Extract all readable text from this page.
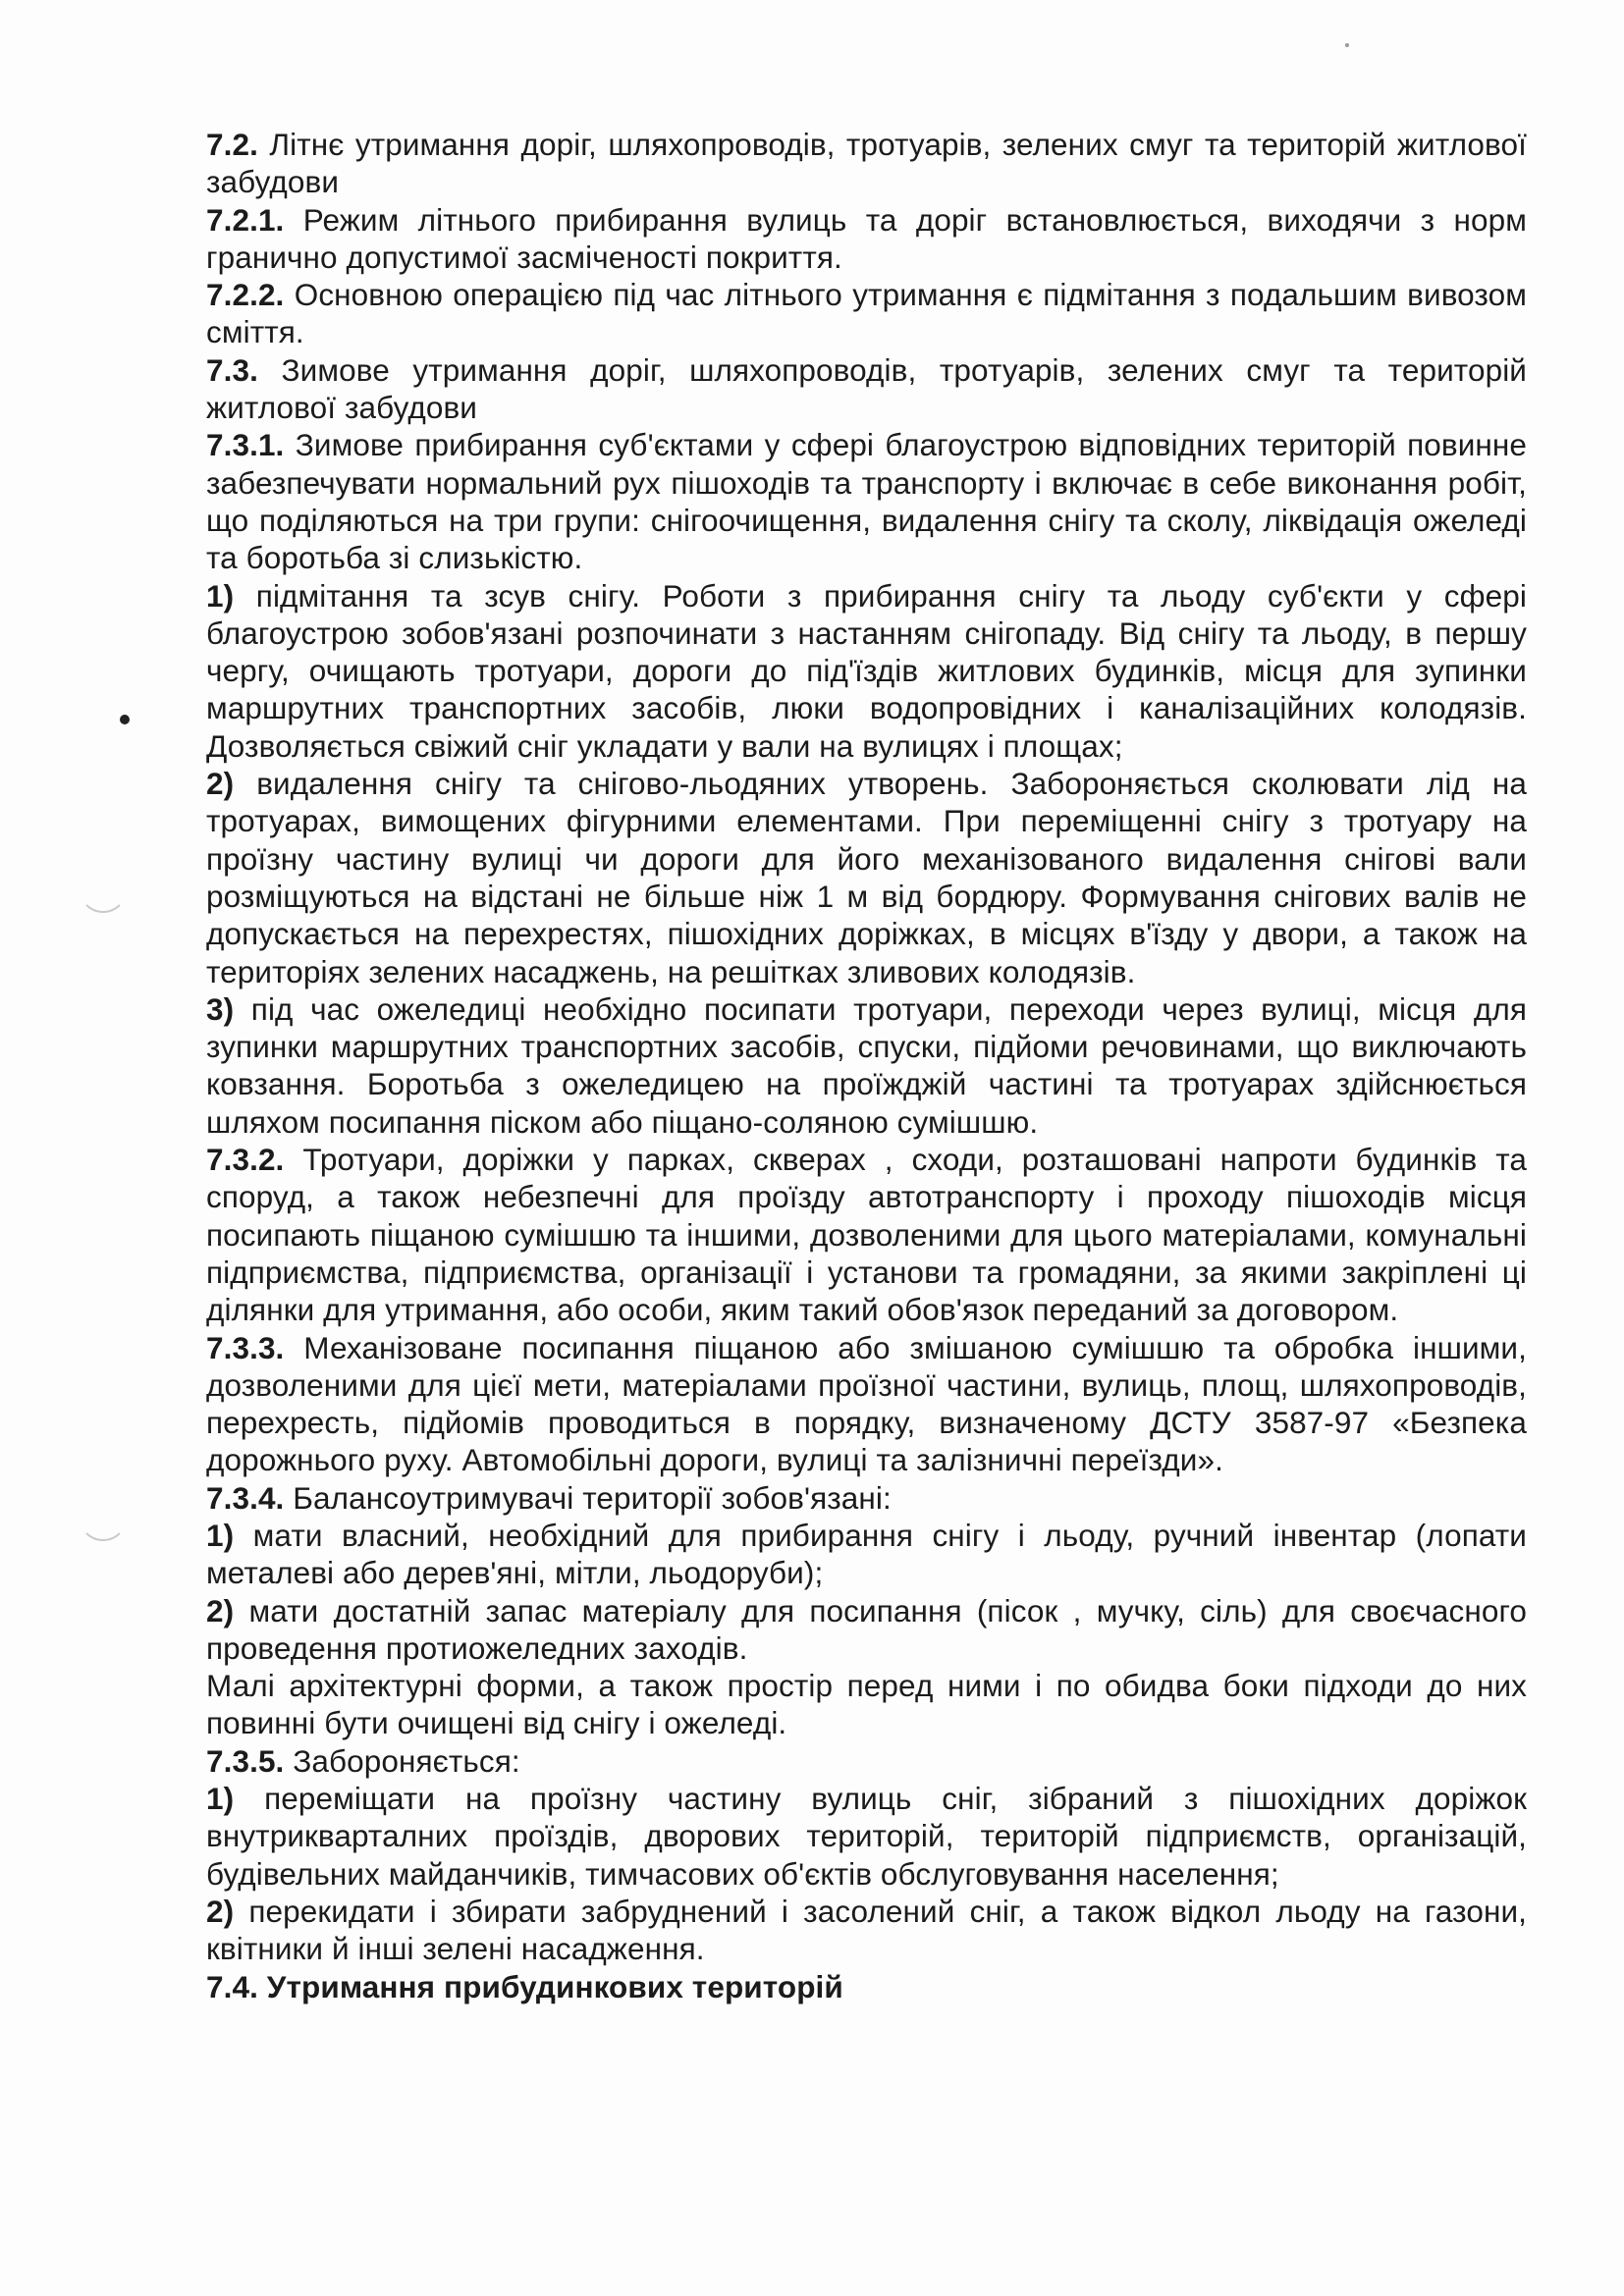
7.2. Літнє утримання доріг, шляхопроводів, тротуарів, зелених смуг та територій житлової забудови

7.2.1. Режим літнього прибирання вулиць та доріг встановлюється, виходячи з норм гранично допустимої засміченості покриття.

7.2.2. Основною операцією під час літнього утримання є підмітання з подальшим вивозом сміття.

7.3. Зимове утримання доріг, шляхопроводів, тротуарів, зелених смуг та територій житлової забудови

7.3.1. Зимове прибирання суб'єктами у сфері благоустрою відповідних територій повинне забезпечувати нормальний рух пішоходів та транспорту і включає в себе виконання робіт, що поділяються на три групи: снігоочищення, видалення снігу та сколу, ліквідація ожеледі та боротьба зі слизькістю.

1) підмітання та зсув снігу. Роботи з прибирання снігу та льоду суб'єкти у сфері благоустрою зобов'язані розпочинати з настанням снігопаду. Від снігу та льоду, в першу чергу, очищають тротуари, дороги до під'їздів житлових будинків, місця для зупинки маршрутних транспортних засобів, люки водопровідних і каналізаційних колодязів. Дозволяється свіжий сніг укладати у вали на вулицях і площах;

2) видалення снігу та снігово-льодяних утворень. Забороняється сколювати лід на тротуарах, вимощених фігурними елементами. При переміщенні снігу з тротуару на проїзну частину вулиці чи дороги для його механізованого видалення снігові вали розміщуються на відстані не більше ніж 1 м від бордюру. Формування снігових валів не допускається на перехрестях, пішохідних доріжках, в місцях в'їзду у двори, а також на територіях зелених насаджень, на решітках зливових колодязів.

3) під час ожеледиці необхідно посипати тротуари, переходи через вулиці, місця для зупинки маршрутних транспортних засобів, спуски, підйоми речовинами, що виключають ковзання. Боротьба з ожеледицею на проїжджій частині та тротуарах здійснюється шляхом посипання піском або піщано-соляною сумішшю.

7.3.2. Тротуари, доріжки у парках, скверах , сходи, розташовані напроти будинків та споруд, а також небезпечні для проїзду автотранспорту і проходу пішоходів місця посипають піщаною сумішшю та іншими, дозволеними для цього матеріалами, комунальні підприємства, підприємства, організації і установи та громадяни, за якими закріплені ці ділянки для утримання, або особи, яким такий обов'язок переданий за договором.

7.3.3. Механізоване посипання піщаною або змішаною сумішшю та обробка іншими, дозволеними для цієї мети, матеріалами проїзної частини, вулиць, площ, шляхопроводів, перехресть, підйомів проводиться в порядку, визначеному ДСТУ 3587-97 «Безпека дорожнього руху. Автомобільні дороги, вулиці та залізничні переїзди».

7.3.4. Балансоутримувачі території зобов'язані:

1) мати власний, необхідний для прибирання снігу і льоду, ручний інвентар (лопати металеві або дерев'яні, мітли, льодоруби);

2) мати достатній запас матеріалу для посипання (пісок , мучку, сіль) для своєчасного проведення протиожеледних заходів.

Малі архітектурні форми, а також простір перед ними і по обидва боки підходи до них повинні бути очищені від снігу і ожеледі.

7.3.5. Забороняється:

1) переміщати на проїзну частину вулиць сніг, зібраний з пішохідних доріжок внутрикварталних проїздів, дворових територій, територій підприємств, організацій, будівельних майданчиків, тимчасових об'єктів обслуговування населення;

2) перекидати і збирати забруднений і засолений сніг, а також відкол льоду на газони, квітники й інші зелені насадження.

7.4. Утримання прибудинкових територій
